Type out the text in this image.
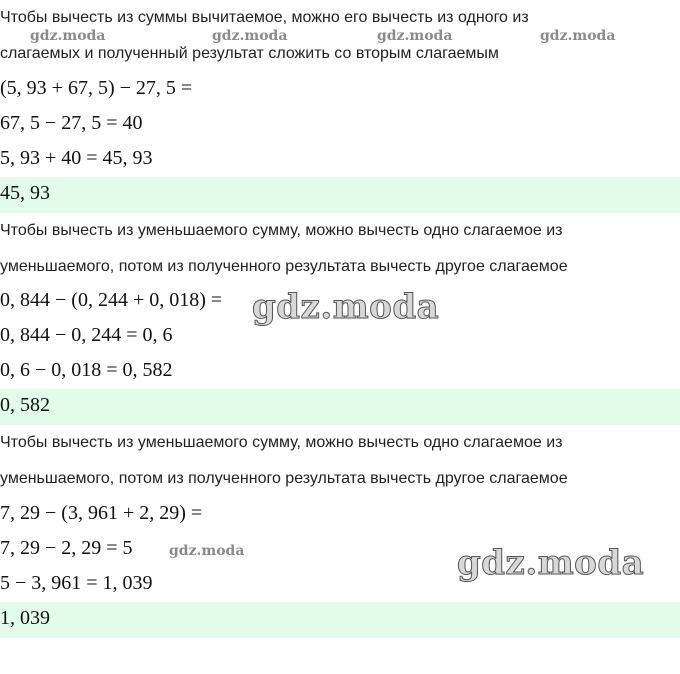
Чтобы вычесть из суммы вычитаемое, можно его вычесть из одного из
слагаемых и полученный результат сложить со вторым слагаемым
(5, 93 + 67, 5) − 27, 5 =
67, 5 − 27, 5 = 40
5, 93 + 40 = 45, 93
45, 93
Чтобы вычесть из уменьшаемого сумму, можно вычесть одно слагаемое из
уменьшаемого, потом из полученного результата вычесть другое слагаемое
0, 844 − (0, 244 + 0, 018) =
0, 844 − 0, 244 = 0, 6
0, 6 − 0, 018 = 0, 582
0, 582
Чтобы вычесть из уменьшаемого сумму, можно вычесть одно слагаемое из
уменьшаемого, потом из полученного результата вычесть другое слагаемое
7, 29 − (3, 961 + 2, 29) =
7, 29 − 2, 29 = 5
5 − 3, 961 = 1, 039
1, 039
gdz.moda	gdz.moda	gdz.moda	gdz.moda
gdz.moda
gdz.moda	gdz.moda
